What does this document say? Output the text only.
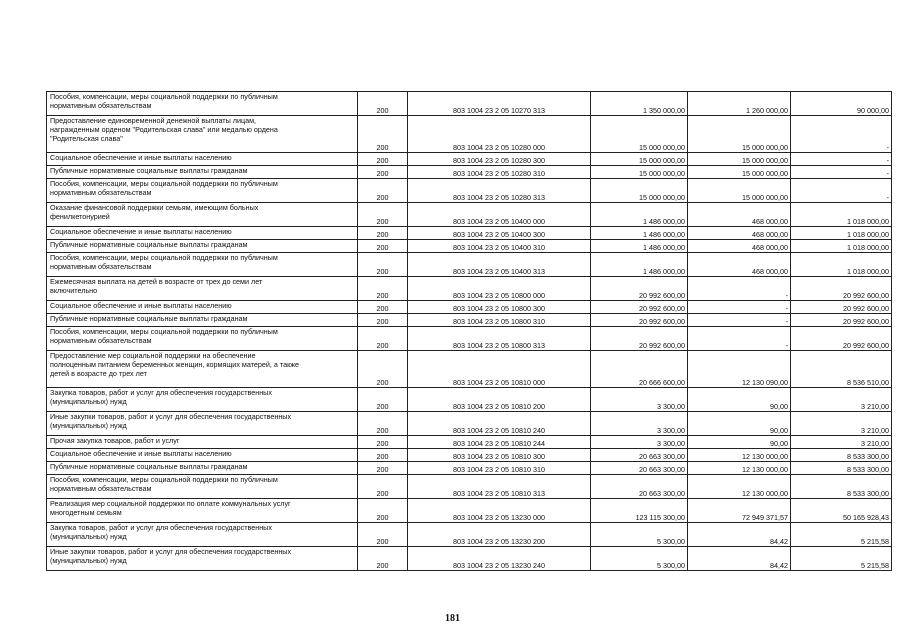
Пособия, компенсации, меры социальной поддержки по публичным
нормативным обязательствам	200	803 1004 23 2 05 10270 313	1 350 000,00	1 260 000,00	90 000,00

Предоставление единовременной денежной выплаты лицам,
награжденным орденом "Родительская слава" или медалью ордена
"Родительская слава"	200	803 1004 23 2 05 10280 000	15 000 000,00	15 000 000,00	-
Социальное обеспечение и иные выплаты населению	200	803 1004 23 2 05 10280 300	15 000 000,00	15 000 000,00	-
Публичные нормативные социальные выплаты гражданам	200	803 1004 23 2 05 10280 310	15 000 000,00	15 000 000,00	-

Пособия, компенсации, меры социальной поддержки по публичным
нормативным обязательствам	200	803 1004 23 2 05 10280 313	15 000 000,00	15 000 000,00	-

Оказание финансовой поддержки семьям, имеющим больных
фенилкетонурией	200	803 1004 23 2 05 10400 000	1 486 000,00	468 000,00	1 018 000,00
Социальное обеспечение и иные выплаты населению	200	803 1004 23 2 05 10400 300	1 486 000,00	468 000,00	1 018 000,00
Публичные нормативные социальные выплаты гражданам	200	803 1004 23 2 05 10400 310	1 486 000,00	468 000,00	1 018 000,00

Пособия, компенсации, меры социальной поддержки по публичным
нормативным обязательствам	200	803 1004 23 2 05 10400 313	1 486 000,00	468 000,00	1 018 000,00

Ежемесячная выплата на детей в возрасте от трех до семи лет
включительно	200	803 1004 23 2 05 10800 000	20 992 600,00	-	20 992 600,00
Социальное обеспечение и иные выплаты населению	200	803 1004 23 2 05 10800 300	20 992 600,00	-	20 992 600,00
Публичные нормативные социальные выплаты гражданам	200	803 1004 23 2 05 10800 310	20 992 600,00	-	20 992 600,00

Пособия, компенсации, меры социальной поддержки по публичным
нормативным обязательствам	200	803 1004 23 2 05 10800 313	20 992 600,00	-	20 992 600,00

Предоставление мер социальной поддержки на обеспечение
полноценным питанием беременных женщин, кормящих матерей, а также
детей в возрасте до трех лет	200	803 1004 23 2 05 10810 000	20 666 600,00	12 130 090,00	8 536 510,00

Закупка товаров, работ и услуг для обеспечения государственных
(муниципальных) нужд	200	803 1004 23 2 05 10810 200	3 300,00	90,00	3 210,00

Иные закупки товаров, работ и услуг для обеспечения государственных
(муниципальных) нужд	200	803 1004 23 2 05 10810 240	3 300,00	90,00	3 210,00
Прочая закупка товаров, работ и услуг	200	803 1004 23 2 05 10810 244	3 300,00	90,00	3 210,00
Социальное обеспечение и иные выплаты населению	200	803 1004 23 2 05 10810 300	20 663 300,00	12 130 000,00	8 533 300,00
Публичные нормативные социальные выплаты гражданам	200	803 1004 23 2 05 10810 310	20 663 300,00	12 130 000,00	8 533 300,00

Пособия, компенсации, меры социальной поддержки по публичным
нормативным обязательствам	200	803 1004 23 2 05 10810 313	20 663 300,00	12 130 000,00	8 533 300,00

Реализация мер социальной поддержки по оплате коммунальных услуг
многодетным семьям	200	803 1004 23 2 05 13230 000	123 115 300,00	72 949 371,57	50 165 928,43

Закупка товаров, работ и услуг для обеспечения государственных
(муниципальных) нужд	200	803 1004 23 2 05 13230 200	5 300,00	84,42	5 215,58

Иные закупки товаров, работ и услуг для обеспечения государственных
(муниципальных) нужд	200	803 1004 23 2 05 13230 240	5 300,00	84,42	5 215,58
181
